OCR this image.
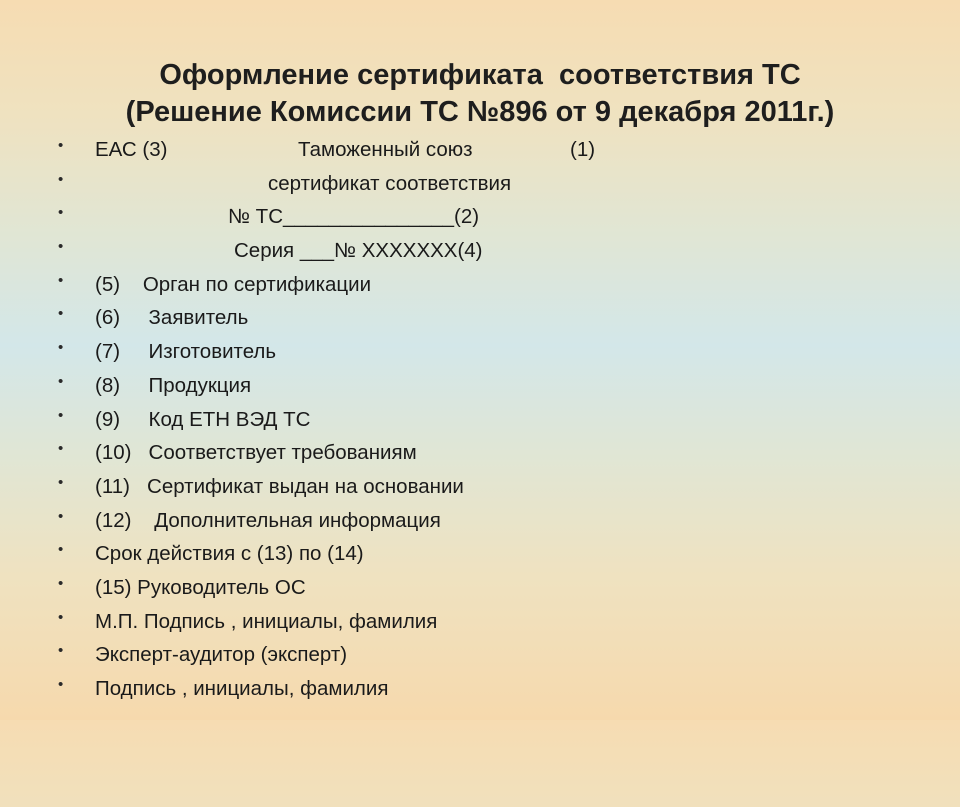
Оформление сертификата  соответствия ТС
(Решение Комиссии ТС №896 от 9 декабря 2011г.)

•

ЕАС (3)

	Таможенный союз

	(1)

•

	сертификат соответствия

•

	№ ТС_______________(2)

•

	Серия ___№ ХХХХХХХ(4)

•

(5)    Орган по сертификации

•

(6)     Заявитель

•

(7)     Изготовитель

•

(8)     Продукция

•

(9)     Код ЕТН ВЭД ТС

•

(10)   Соответствует требованиям

•

(11)   Сертификат выдан на основании

•

(12)    Дополнительная информация

•

Срок действия с (13) по (14)

•

(15) Руководитель ОС

•

М.П. Подпись , инициалы, фамилия

•

Эксперт-аудитор (эксперт)

•

Подпись , инициалы, фамилия
